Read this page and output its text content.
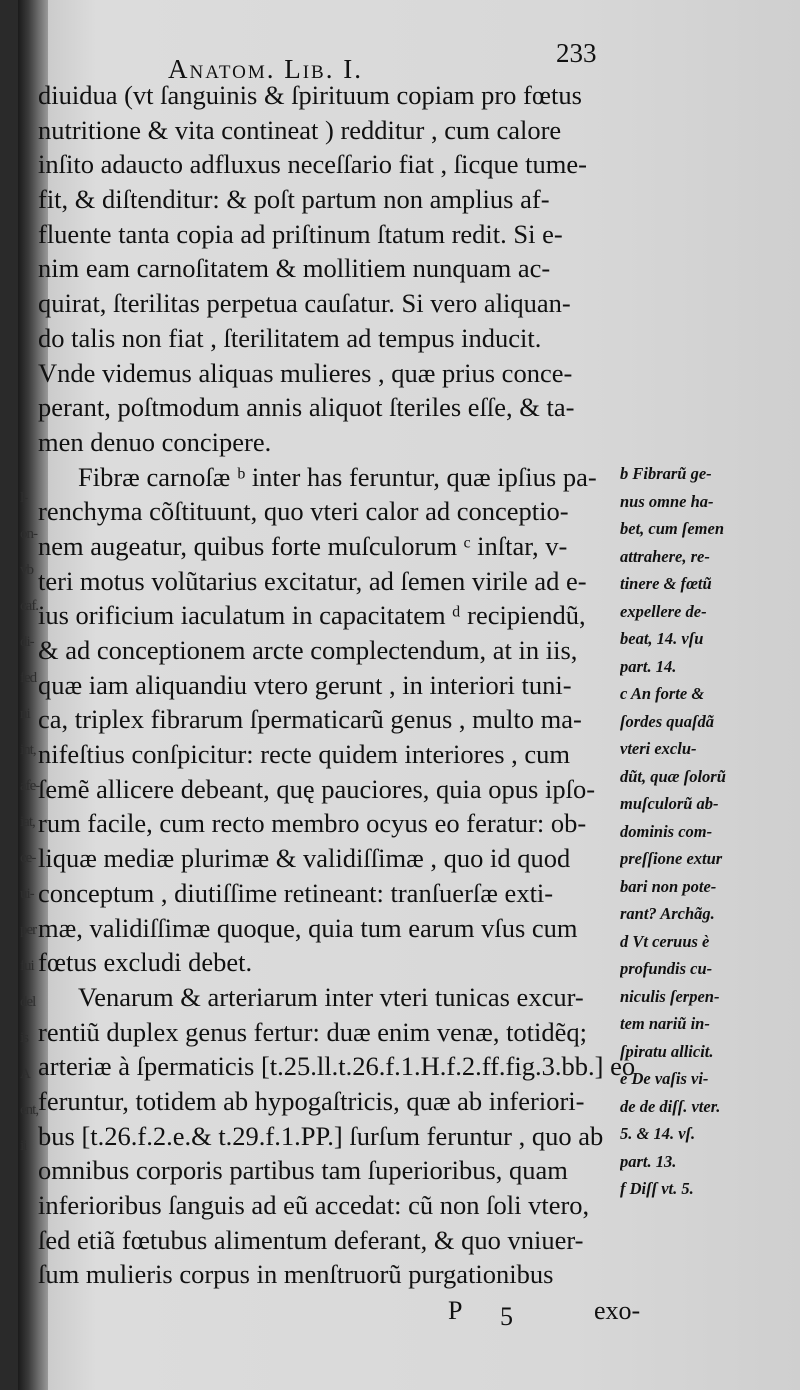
l-
on-
vb
caf.
di-
fed
ni
int,
afe-
iat,
ce-
ui-
per
fui
del
is
A
ent,
ii
Anatom. Lib. I.
233
diuidua (vt ſanguinis & ſpirituum copiam pro fœtus
nutritione & vita contineat ) redditur , cum calore
inſito adaucto adfluxus neceſſario fiat , ſicque tume-
fit, & diſtenditur: & poſt partum non amplius af-
fluente tanta copia ad priſtinum ſtatum redit. Si e-
nim eam carnoſitatem & mollitiem nunquam ac-
quirat, ſterilitas perpetua cauſatur. Si vero aliquan-
do talis non fiat , ſterilitatem ad tempus inducit.
Vnde videmus aliquas mulieres , quæ prius conce-
perant, poſtmodum annis aliquot ſteriles eſſe, & ta-
men denuo concipere.
Fibræ carnoſæ ᵇ inter has feruntur, quæ ipſius pa-
renchyma cõſtituunt, quo vteri calor ad conceptio-
nem augeatur, quibus forte muſculorum ᶜ inſtar, v-
teri motus volũtarius excitatur, ad ſemen virile ad e-
ius orificium iaculatum in capacitatem ᵈ recipiendũ,
& ad conceptionem arcte complectendum, at in iis,
quæ iam aliquandiu vtero gerunt , in interiori tuni-
ca, triplex fibrarum ſpermaticarũ genus , multo ma-
nifeſtius conſpicitur: recte quidem interiores , cum
ſemẽ allicere debeant, quę pauciores, quia opus ipſo-
rum facile, cum recto membro ocyus eo feratur: ob-
liquæ mediæ plurimæ & validiſſimæ , quo id quod
conceptum , diutiſſime retineant: tranſuerſæ exti-
mæ, validiſſimæ quoque, quia tum earum vſus cum
fœtus excludi debet.
Venarum & arteriarum inter vteri tunicas excur-
rentiũ duplex genus fertur: duæ enim venæ, totidẽq;
arteriæ à ſpermaticis [t.25.ll.t.26.f.1.H.f.2.ff.fig.3.bb.] eo
feruntur, totidem ab hypogaſtricis, quæ ab inferiori-
bus [t.26.f.2.e.& t.29.f.1.PP.] ſurſum feruntur , quo ab
omnibus corporis partibus tam ſuperioribus, quam
inferioribus ſanguis ad eũ accedat: cũ non ſoli vtero,
ſed etiã fœtubus alimentum deferant, & quo vniuer-
ſum mulieris corpus in menſtruorũ purgationibus
b Fibrarũ ge-
nus omne ha-
bet, cum ſemen
attrahere, re-
tinere & fœtũ
expellere de-
beat, 14. vſu
part. 14.
c An forte &
ſordes quaſdã
vteri exclu-
dũt, quæ ſolorũ
muſculorũ ab-
dominis com-
preſſione extur
bari non pote-
rant? Archãg.
d Vt ceruus è
profundis cu-
niculis ſerpen-
tem nariũ in-
ſpiratu allicit.
e De vaſis vi-
de de diſſ. vter.
5. & 14. vſ.
part. 13.
f Diſſ vt. 5.
P 5	exo-
